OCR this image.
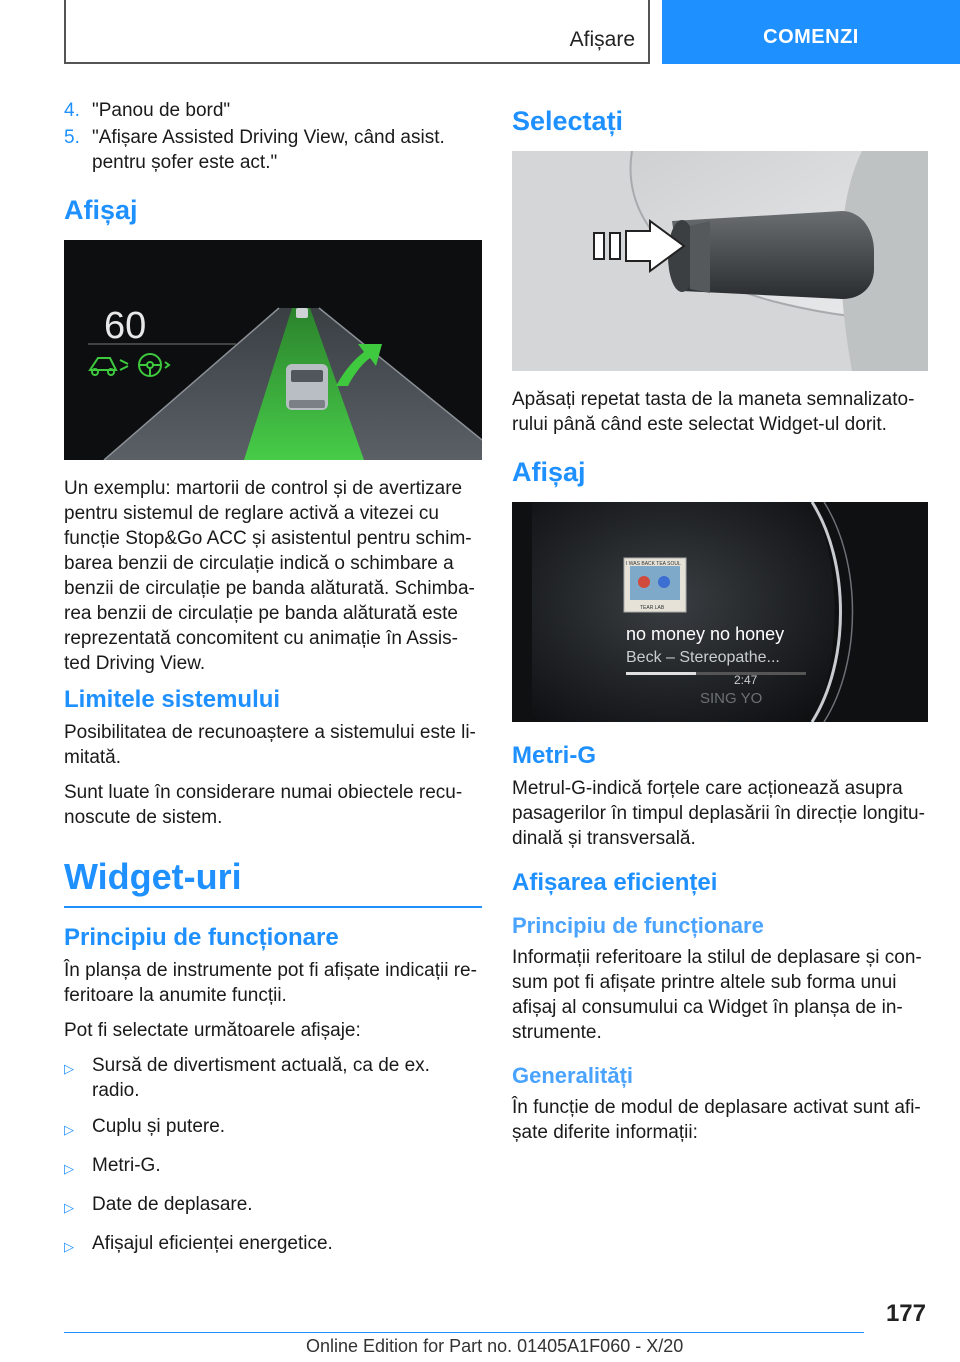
Afișare	COMENZI
4. "Panou de bord"
5. "Afișare Assisted Driving View, când asist. pentru șofer este act."
Afișaj
60

Un exemplu: martorii de control și de avertizare pentru sistemul de reglare activă a vitezei cu funcție Stop&Go ACC și asistentul pentru schim-barea benzii de circulație indică o schimbare a benzii de circulație pe banda alăturată. Schimba-rea benzii de circulație pe banda alăturată este reprezentată concomitent cu animație în Assis-ted Driving View.

Limitele sistemului

Posibilitatea de recunoaștere a sistemului este li-mitată.

Sunt luate în considerare numai obiectele recu-noscute de sistem.

Widget-uri
Principiu de funcționare

În planșa de instrumente pot fi afișate indicații re-feritoare la anumite funcții.

Pot fi selectate următoarele afișaje:

▷ Sursă de divertisment actuală, ca de ex. radio.
▷ Cuplu și putere.
▷ Metri-G.
▷ Date de deplasare.
▷ Afișajul eficienței energetice.
Selectați

Apăsați repetat tasta de la maneta semnalizato-rului până când este selectat Widget-ul dorit.

Afișaj
I WAS BACK TEA SOUL
TEAR LAB
no money no honey
Beck – Stereopathe...
2:47
SING YO
Metri-G

Metrul-G-indică forțele care acționează asupra pasagerilor în timpul deplasării în direcție longitu-dinală și transversală.

Afișarea eficienței
Principiu de funcționare

Informații referitoare la stilul de deplasare și con-sum pot fi afișate printre altele sub forma unui afișaj al consumului ca Widget în planșa de in-strumente.

Generalități

În funcție de modul de deplasare activat sunt afi-șate diferite informații:

177
Online Edition for Part no. 01405A1F060 - X/20
